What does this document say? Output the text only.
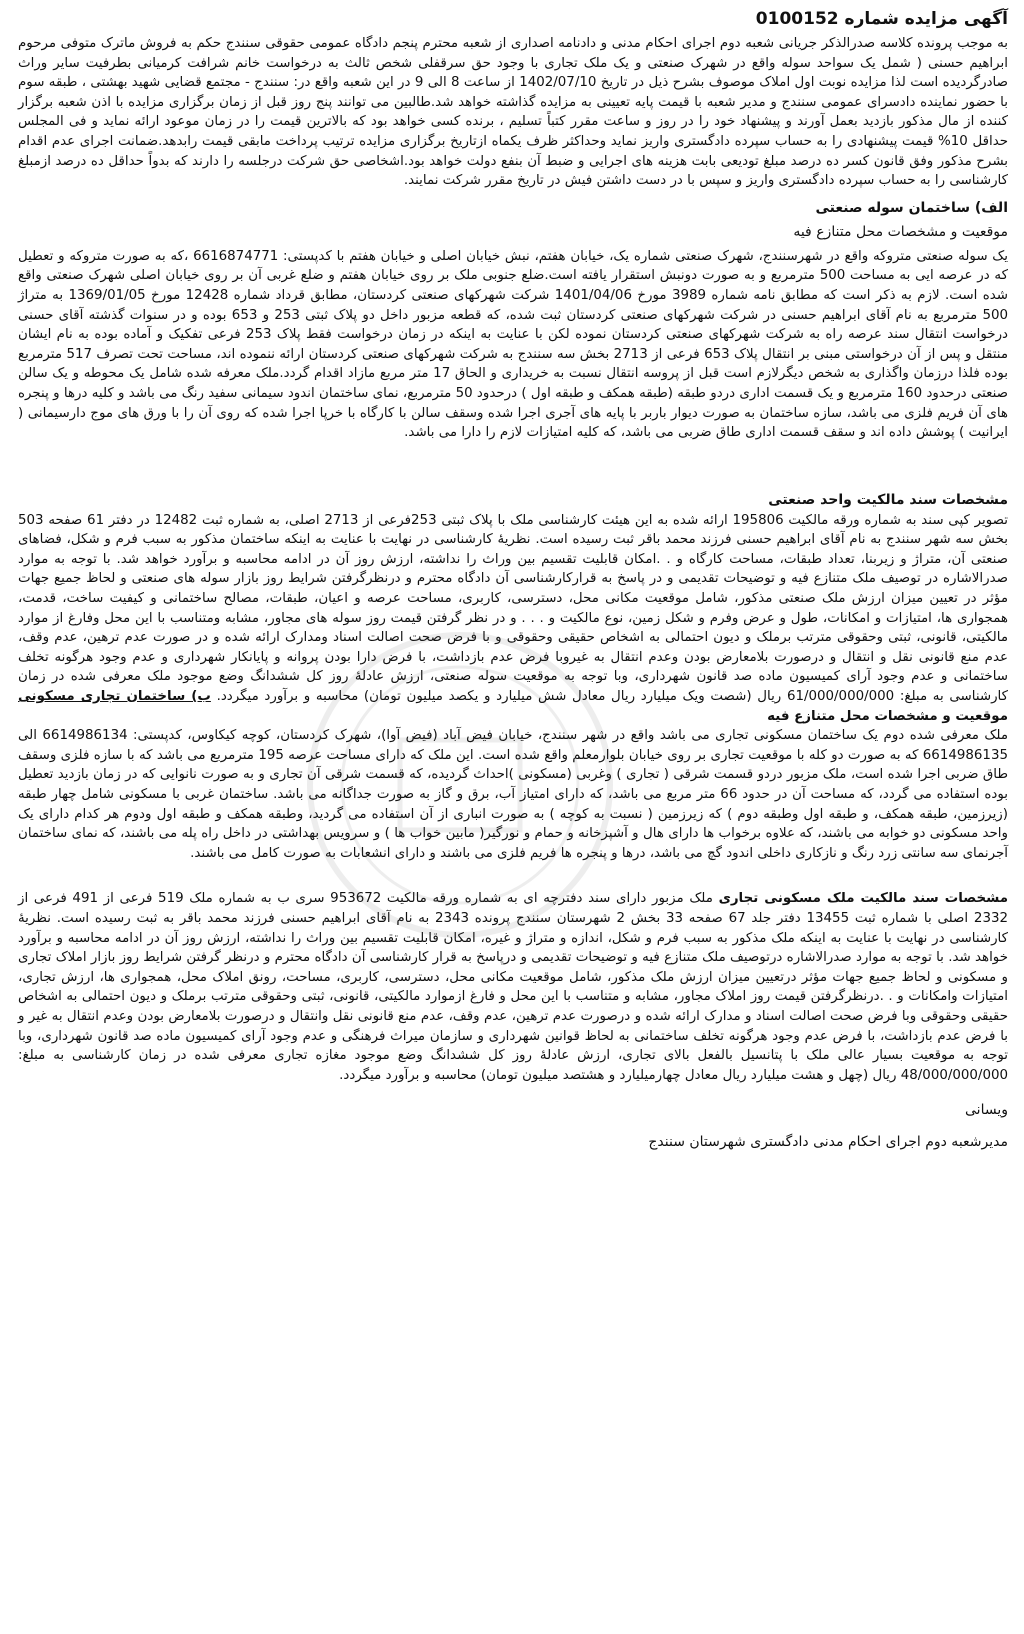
آگهی مزایده شماره 0100152

به موجب پرونده کلاسه صدرالذکر جریانی شعبه دوم اجرای احکام مدنی و دادنامه اصداری از شعبه محترم پنجم دادگاه عمومی حقوقی سنندج حکم به فروش ماترک متوفی مرحوم ابراهیم حسنی ( شمل یک سواحد سوله واقع در شهرک صنعتی و یک ملک تجاری با وجود حق سرقفلی شخص ثالث به درخواست خانم شرافت کرمیانی بطرفیت سایر وراث صادرگردیده است لذا مزایده نوبت اول املاک موصوف بشرح ذیل در تاریخ 1402/07/10 از ساعت 8 الی 9 در این شعبه واقع در: سنندج - مجتمع قضایی شهید بهشتی ، طبقه سوم با حضور نماینده دادسرای عمومی سنندج و مدیر شعبه با قیمت پایه تعیینی به مزایده گذاشته خواهد شد.طالبین می توانند پنج روز قبل از زمان برگزاری مزایده با اذن شعبه برگزار کننده از مال مذکور بازدید بعمل آورند و پیشنهاد خود را در روز و ساعت مقرر کتباً تسلیم ، برنده کسی خواهد بود که بالاترین قیمت را در زمان موعود ارائه نماید و فی المجلس حداقل 10% قیمت پیشنهادی را به حساب سپرده دادگستری واریز نماید وحداکثر ظرف یکماه ازتاریخ برگزاری مزایده ترتیب پرداخت مابقی قیمت رابدهد.ضمانت اجرای عدم اقدام بشرح مذکور وفق قانون کسر ده درصد مبلغ تودیعی بابت هزینه های اجرایی و ضبط آن بنفع دولت خواهد بود.اشخاصی حق شرکت درجلسه را دارند که بدواً حداقل ده درصد ازمبلغ کارشناسی را به حساب سپرده دادگستری واریز و سپس با در دست داشتن فیش در تاریخ مقرر شرکت نمایند.

الف) ساختمان سوله صنعتی
موقعیت و مشخصات محل متنازع فیه

یک سوله صنعتی متروکه واقع در شهرسنندج، شهرک صنعتی شماره یک، خیابان هفتم، نبش خیابان اصلی و خیابان هفتم با کدپستی: 6616874771 ،که به صورت متروکه و تعطیل که در عرصه ایی به مساحت 500 مترمربع و به صورت دونبش استقرار یافته است.ضلع جنوبی ملک بر روی خیابان هفتم و ضلع غربی آن بر روی خیابان اصلی شهرک صنعتی واقع شده است. لازم به ذکر است که مطابق نامه شماره 3989 مورخ 1401/04/06 شرکت شهرکهای صنعتی کردستان، مطابق قرداد شماره 12428 مورخ 1369/01/05 به متراژ 500 مترمربع به نام آقای ابراهیم حسنی در شرکت شهرکهای صنعتی کردستان ثبت شده، که قطعه مزبور داخل دو پلاک ثبتی 253 و 653 بوده و در سنوات گذشته آقای حسنی درخواست انتقال سند عرصه راه به شرکت شهرکهای صنعتی کردستان نموده لکن با عنایت به اینکه در زمان درخواست فقط پلاک 253 فرعی تفکیک و آماده بوده به نام ایشان منتقل و پس از آن درخواستی مبنی بر انتقال پلاک 653 فرعی از 2713 بخش سه سنندج به شرکت شهرکهای صنعتی کردستان ارائه ننموده اند، مساحت تحت تصرف 517 مترمربع بوده فلذا درزمان واگذاری به شخص دیگرلازم است قبل از پروسه انتقال نسبت به خریداری و الحاق 17 متر مربع مازاد اقدام گردد.ملک معرفه شده شامل یک محوطه و یک سالن صنعتی درحدود 160 مترمربع و یک قسمت اداری دردو طبقه (طبقه همکف و طبقه اول ) درحدود 50 مترمربع، نمای ساختمان اندود سیمانی سفید رنگ می باشد و کلیه درها و پنجره های آن فریم فلزی می باشد، سازه ساختمان به صورت دیوار باربر با پایه های آجری اجرا شده وسقف سالن با کارگاه با خرپا اجرا شده که روی آن را با ورق های موج دارسیمانی ( ایرانیت ) پوشش داده اند و سقف قسمت اداری طاق ضربی می باشد، که کلیه امتیازات لازم را دارا می باشد.

مشخصات سند مالکیت واحد صنعتی

تصویر کپی سند به شماره ورقه مالکیت 195806 ارائه شده به این هیئت کارشناسی ملک با پلاک ثبتی 253فرعی از 2713 اصلی، به شماره ثبت 12482 در دفتر 61 صفحه 503 بخش سه شهر سنندج به نام آقای ابراهیم حسنی فرزند محمد باقر ثبت رسیده است. نظریهٔ کارشناسی در نهایت با عنایت به اینکه ساختمان مذکور به سبب فرم و شکل، فضاهای صنعتی آن، متراژ و زیربنا، تعداد طبقات، مساحت کارگاه و . .امکان قابلیت تقسیم بین وراث را نداشته، ارزش روز آن در ادامه محاسبه و برآورد خواهد شد. با توجه به موارد صدرالاشاره در توصیف ملک متنازع فیه و توضیحات تقدیمی و در پاسخ به قرارکارشناسی آن دادگاه محترم و درنظرگرفتن شرایط روز بازار سوله های صنعتی و لحاظ جمیع جهات مؤثر در تعیین میزان ارزش ملک صنعتی مذکور، شامل موقعیت مکانی محل، دسترسی، کاربری، مساحت عرصه و اعیان، طبقات، مصالح ساختمانی و کیفیت ساخت، قدمت، همجواری ها، امتیازات و امکانات، طول و عرض وفرم و شکل زمین، نوع مالکیت و . . . و در نظر گرفتن قیمت روز سوله های مجاور، مشابه ومتناسب با این محل وفارغ از موارد مالکیتی، قانونی، ثبتی وحقوقی مترتب برملک و دیون احتمالی به اشخاص حقیقی وحقوقی و با فرض صحت اصالت اسناد ومدارک ارائه شده و در صورت عدم ترهین، عدم وقف، عدم منع قانونی نقل و انتقال و درصورت بلامعارض بودن وعدم انتقال به غیروبا فرض عدم بازداشت، با فرض دارا بودن پروانه و پایانکار شهرداری و عدم وجود هرگونه تخلف ساختمانی و عدم وجود آرای کمیسیون ماده صد قانون شهرداری، وبا توجه به موقعیت سوله صنعتی، ارزش عادلهٔ روز کل ششدانگ وضع موجود ملک معرفی شده در زمان کارشناسی به مبلغ: 61/000/000/000 ریال (شصت ویک میلیارد ریال معادل شش میلیارد و یکصد میلیون تومان) محاسبه و برآورد میگردد. ب) ساختمان تجاری مسکونی موقعیت و مشخصات محل متنازع فیه

ملک معرفی شده دوم یک ساختمان مسکونی تجاری می باشد واقع در شهر سنندج، خیابان فیض آباد (فیض آوا)، شهرک کردستان، کوچه کیکاوس، کدپستی: 6614986134 الی 6614986135 که به صورت دو کله با موقعیت تجاری بر روی خیابان بلوارمعلم واقع شده است. این ملک که دارای مساحت عرصه 195 مترمربع می باشد که با سازه فلزی وسقف طاق ضربی اجرا شده است، ملک مزبور دردو قسمت شرقی ( تجاری ) وغربی (مسکونی )احداث گردیده، که قسمت شرقی آن تجاری و به صورت نانوایی که در زمان بازدید تعطیل بوده استفاده می گردد، که مساحت آن در حدود 66 متر مربع می باشد، که دارای امتیاز آب، برق و گاز به صورت جداگانه می باشد. ساختمان غربی با مسکونی شامل چهار طبقه (زیرزمین، طبقه همکف، و طبقه اول وطبقه دوم ) که زیرزمین ( نسبت به کوچه ) به صورت انباری از آن استفاده می گردید، وطبقه همکف و طبقه اول ودوم هر کدام دارای یک واحد مسکونی دو خوابه می باشند، که علاوه برخواب ها دارای هال و آشپزخانه و حمام و نورگیر( مابین خواب ها ) و سرویس بهداشتی در داخل راه پله می باشند، که نمای ساختمان آجرنمای سه سانتی زرد رنگ و نازکاری داخلی اندود گچ می باشد، درها و پنجره ها فریم فلزی می باشند و دارای انشعابات به صورت کامل می باشند.

مشخصات سند مالکیت ملک مسکونی تجاری ملک مزبور دارای سند دفترچه ای به شماره ورقه مالکیت 953672 سری ب به شماره ملک 519 فرعی از 491 فرعی از 2332 اصلی با شماره ثبت 13455 دفتر جلد 67 صفحه 33 بخش 2 شهرستان سنندج پرونده 2343 به نام آقای ابراهیم حسنی فرزند محمد باقر به ثبت رسیده است. نظریهٔ کارشناسی در نهایت با عنایت به اینکه ملک مذکور به سبب فرم و شکل، اندازه و متراژ و غیره، امکان قابلیت تقسیم بین وراث را نداشته، ارزش روز آن در ادامه محاسبه و برآورد خواهد شد. با توجه به موارد صدرالاشاره درتوصیف ملک متنازع فیه و توضیحات تقدیمی و درپاسخ به قرار کارشناسی آن دادگاه محترم و درنظر گرفتن شرایط روز بازار املاک تجاری و مسکونی و لحاظ جمیع جهات مؤثر درتعیین میزان ارزش ملک مذکور، شامل موقعیت مکانی محل، دسترسی، کاربری، مساحت، رونق املاک محل، همجواری ها، ارزش تجاری، امتیازات وامکانات و . .درنظرگرفتن قیمت روز املاک مجاور، مشابه و متناسب با این محل و فارغ ازموارد مالکیتی، قانونی، ثبتی وحقوقی مترتب برملک و دیون احتمالی به اشخاص حقیقی وحقوقی وبا فرض صحت اصالت اسناد و مدارک ارائه شده و درصورت عدم ترهین، عدم وقف، عدم منع قانونی نقل وانتقال و درصورت بلامعارض بودن وعدم انتقال به غیر و با فرض عدم بازداشت، با فرض عدم وجود هرگونه تخلف ساختمانی به لحاظ قوانین شهرداری و سازمان میراث فرهنگی و عدم وجود آرای کمیسیون ماده صد قانون شهرداری، وبا توجه به موقعیت بسیار عالی ملک با پتانسیل بالفعل بالای تجاری، ارزش عادلهٔ روز کل ششدانگ وضع موجود مغازه تجاری معرفی شده در زمان کارشناسی به مبلغ: 48/000/000/000 ریال (چهل و هشت میلیارد ریال معادل چهارمیلیارد و هشتصد میلیون تومان) محاسبه و برآورد میگردد.

ویسانی
مدیرشعبه دوم اجرای احکام مدنی دادگستری شهرستان سنندج
